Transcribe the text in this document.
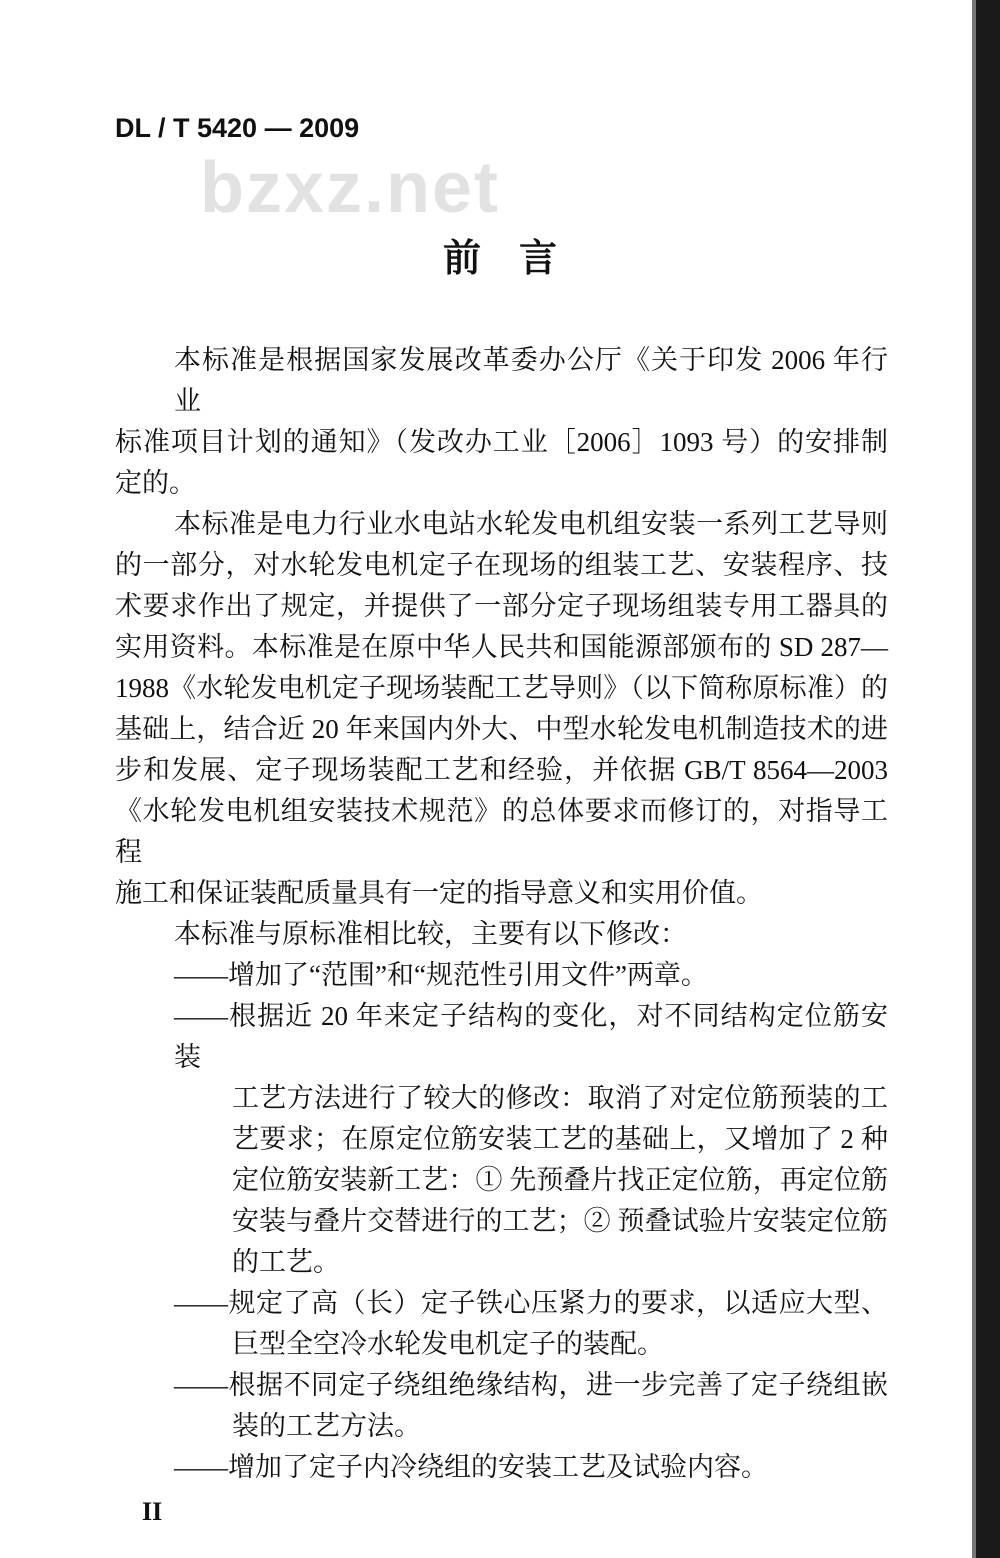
DL / T 5420 — 2009
bzxz.net
前　言
本标准是根据国家发展改革委办公厅《关于印发 2006 年行业
标准项目计划的通知》（发改办工业［2006］1093 号）的安排制
定的。
本标准是电力行业水电站水轮发电机组安装一系列工艺导则
的一部分，对水轮发电机定子在现场的组装工艺、安装程序、技
术要求作出了规定，并提供了一部分定子现场组装专用工器具的
实用资料。本标准是在原中华人民共和国能源部颁布的 SD 287—
1988《水轮发电机定子现场装配工艺导则》（以下简称原标准）的
基础上，结合近 20 年来国内外大、中型水轮发电机制造技术的进
步和发展、定子现场装配工艺和经验，并依据 GB/T 8564—2003
《水轮发电机组安装技术规范》的总体要求而修订的，对指导工程
施工和保证装配质量具有一定的指导意义和实用价值。
本标准与原标准相比较，主要有以下修改：
——增加了“范围”和“规范性引用文件”两章。
——根据近 20 年来定子结构的变化，对不同结构定位筋安装
工艺方法进行了较大的修改：取消了对定位筋预装的工
艺要求；在原定位筋安装工艺的基础上，又增加了 2 种
定位筋安装新工艺：① 先预叠片找正定位筋，再定位筋
安装与叠片交替进行的工艺；② 预叠试验片安装定位筋
的工艺。
——规定了高（长）定子铁心压紧力的要求，以适应大型、
巨型全空冷水轮发电机定子的装配。
——根据不同定子绕组绝缘结构，进一步完善了定子绕组嵌
装的工艺方法。
——增加了定子内冷绕组的安装工艺及试验内容。
II
